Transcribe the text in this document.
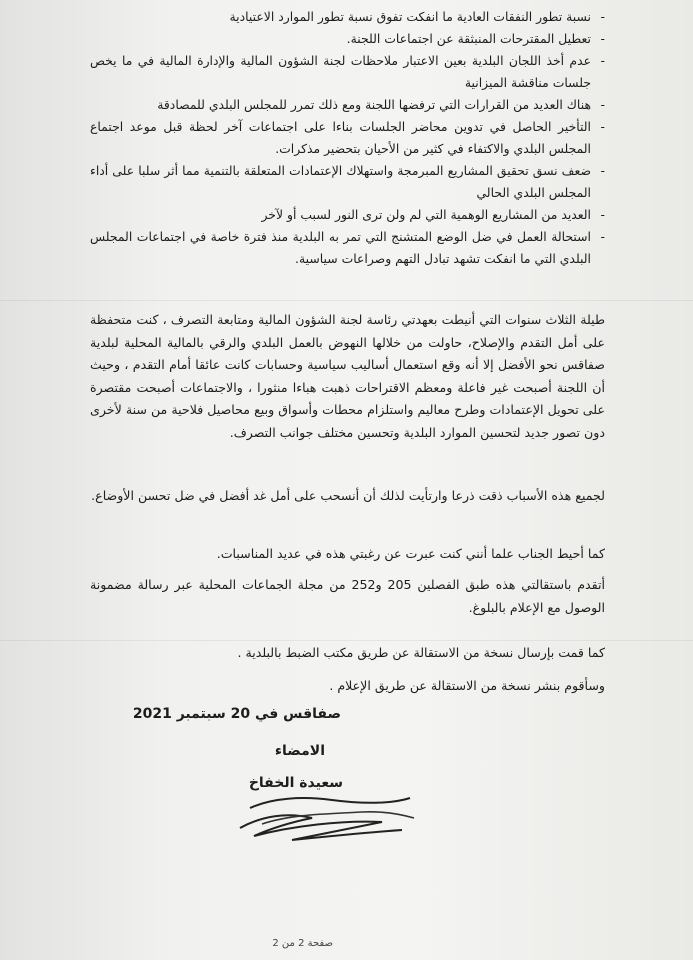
- نسبة تطور النفقات العادية ما انفكت تفوق نسبة تطور الموارد الاعتيادية
- تعطيل المقترحات المنبثقة عن اجتماعات اللجنة.
- عدم أخذ اللجان البلدية بعين الاعتبار ملاحظات لجنة الشؤون المالية والإدارة المالية في ما يخص جلسات مناقشة الميزانية
- هناك العديد من القرارات التي ترفضها اللجنة ومع ذلك تمرر للمجلس البلدي للمصادقة
- التأخير الحاصل في تدوين محاضر الجلسات بناءا على اجتماعات آخر لحظة قبل موعد اجتماع المجلس البلدي والاكتفاء في كثير من الأحيان بتحضير مذكرات.
- ضعف نسق تحقيق المشاريع المبرمجة واستهلاك الإعتمادات المتعلقة بالتنمية مما أثر سلبا على أداء المجلس البلدي الحالي
- العديد من المشاريع الوهمية التي لم ولن ترى النور لسبب أو لآخر
- استحالة العمل في ضل الوضع المتشنج التي تمر به البلدية منذ فترة خاصة في اجتماعات المجلس البلدي التي ما انفكت تشهد تبادل التهم وصراعات سياسية.

طيلة الثلاث سنوات التي أنيطت بعهدتي رئاسة لجنة الشؤون المالية ومتابعة التصرف ، كنت متحفظة على أمل التقدم والإصلاح، حاولت من خلالها النهوض بالعمل البلدي والرقي بالمالية المحلية لبلدية صفاقس نحو الأفضل إلا أنه وقع استعمال أساليب سياسية وحسابات كانت عائقا أمام التقدم ، وحيث أن اللجنة أصبحت غير فاعلة ومعظم الاقتراحات ذهبت هباءا منثورا ، والاجتماعات أصبحت مقتصرة على تحويل الإعتمادات وطرح معاليم واستلزام محطات وأسواق وبيع محاصيل فلاحية من سنة لأخرى دون تصور جديد لتحسين الموارد البلدية وتحسين مختلف جوانب التصرف.

لجميع هذه الأسباب ذقت ذرعا وارتأيت لذلك أن أنسحب على أمل غد أفضل في ضل تحسن الأوضاع.

كما أحيط الجناب علما أنني كنت عبرت عن رغبتي هذه في عديد المناسبات.

أتقدم باستقالتي هذه طبق الفصلين 205 و252 من مجلة الجماعات المحلية عبر رسالة مضمونة الوصول مع الإعلام بالبلوغ.

كما قمت بإرسال نسخة من الاستقالة عن طريق مكتب الضبط بالبلدية .

وسأقوم بنشر نسخة من الاستقالة عن طريق الإعلام .

صفاقس في 20 سبتمبر 2021
الامضاء
سعيدة الخفاخ
صفحة 2 من 2
